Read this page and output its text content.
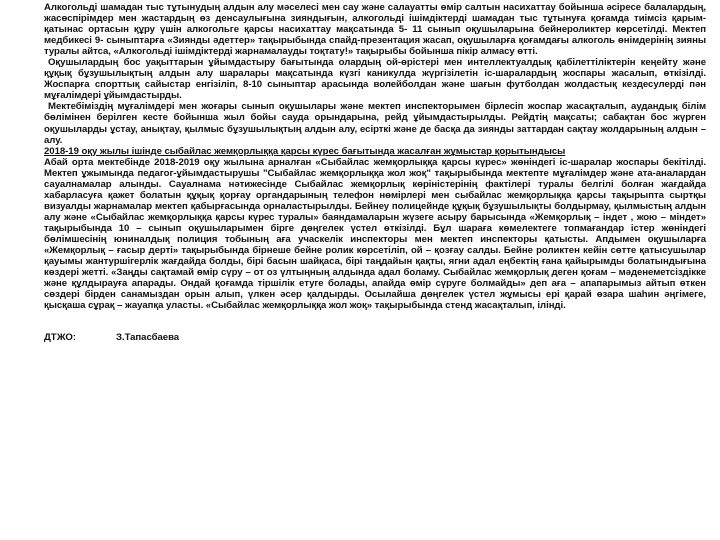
Алкогольді шамадан тыс тұтынудың алдын алу мәселесі мен сау және салауатты өмір салтын насихаттау бойынша әсіресе балалардың, жасөспірімдер мен жастардың өз денсаулығына зияндығын, алкогольді ішімдіктерді шамадан тыс тұтынуға қоғамда тиімсіз қарым-қатынас ортасын құру үшін алкогольге қарсы насихаттау мақсатында 5- 11 сынып оқушыларына бейнероликтер көрсетілді. Мектеп медбикесі 9- сыныптарға «Зиянды әдеттер» тақырыбында спайд-презентация жасап, оқушыларға қоғамдағы алкоголь өнімдерінің зияны туралы айтса, «Алкогольді ішімдіктерді жарнамалауды тоқтату!» тақырыбы бойынша пікір алмасу өтті.

Оқушылардың бос уақыттарын ұйымдастыру бағытында олардың ой-өрістері мен интеллектуалдық қабілеттіліктерін кеңейту және құқық бұзушылықтың алдын алу шаралары мақсатында күзгі каникулда жүргізілетін іс-шаралардың жоспары жасалып, өткізілді. Жоспарға спорттық сайыстар енгізіліп, 8-10 сыныптар арасында волейболдан және шағын футболдан жолдастық кездесулерді пән мұғалімдері ұйымдастырды.

Мектебіміздің мұғалімдері мен жоғары сынып оқушылары және мектеп инспекторымен бірлесіп жоспар жасақталып, аудандық білім бөлімінен берілген кесте бойынша жыл бойы сауда орындарына, рейд ұйымдастырылды. Рейдтің мақсаты; сабақтан бос жүрген оқушыларды ұстау, анықтау, қылмыс бұзушылықтың алдын алу, есірткі және де басқа да зиянды заттардан сақтау жолдарының алдын – алу.

2018-19 оқу жылы ішінде сыбайлас жемқорлыққа қарсы күрес бағытында жасалған жұмыстар қорытындысы

Абай орта мектебінде 2018-2019 оқу жылына арналған «Сыбайлас жемқорлыққа қарсы күрес» жөніндегі іс-шаралар жоспары бекітілді. Мектеп ұжымында педагог-ұйымдастырушы "Сыбайлас жемқорлыққа жол жоқ" тақырыбында мектепте мұғалімдер және ата-аналардан сауалнамалар алынды. Сауалнама нәтижесінде Сыбайлас жемқорлық көріністерінің фактілері туралы белгілі болған жағдайда хабарласуға қажет болатын құқық қорғау органдарының телефон нөмірлері мен сыбайлас жемқорлыққа қарсы тақырыпта сыртқы визуалды жарнамалар мектеп қабырғасында орналастырылды. Бейнеу полицейнде құқық бұзушылықты болдырмау, қылмыстың алдын алу және «Сыбайлас жемқорлыққа қарсы күрес туралы» баяндамаларын жүзеге асыру барысында «Жемқорлық – індет , жою – міндет» тақырыбында 10 – сынып оқушыларымен бірге дөңгелек үстел өткізілді. Бұл шараға көмелектеге топмағандар істер жөніндегі бөлімшесінің юниналдық полиция тобының аға учаскелік инспекторы мен мектеп инспекторы қатысты. Апдымен оқушыларға «Жемқорлық – ғасыр дерті» тақырыбында бірнеше бейне ролик көрсетіліп, ой – қозғау салды. Бейне роликтен кейін сөтте қатысушылар қауымы жантуршігерлік жағдайда болды, бірі басын шайқаса, бірі таңдайын қақты, ягни адал еңбектің ғана қайырымды болатындығына көздері жетті. «Заңды сақтамай өмір сүру – от оз үлтыңның алдында адал боламу. Сыбайлас жемқорлық деген қоғам – мәденеметсіздікке және құлдырауға апарады. Ондай қоғамда тіршілік етуге болады, апайда өмір сүруге болмайды» деп аға – апапарымыз айтып өткен сөздері бірден санамыздан орын алып, үлкен әсер қалдырды. Осылайша дөңгелек үстел жұмысы ері қарай өзара шаһин әңгімеге, қысқаша сұрақ – жауапқа уласты. «Сыбайлас жемқорлыққа жол жоқ» тақырыбында стенд жасақталып, ілінді.

ДТЖО:	З.Тапасбаева
